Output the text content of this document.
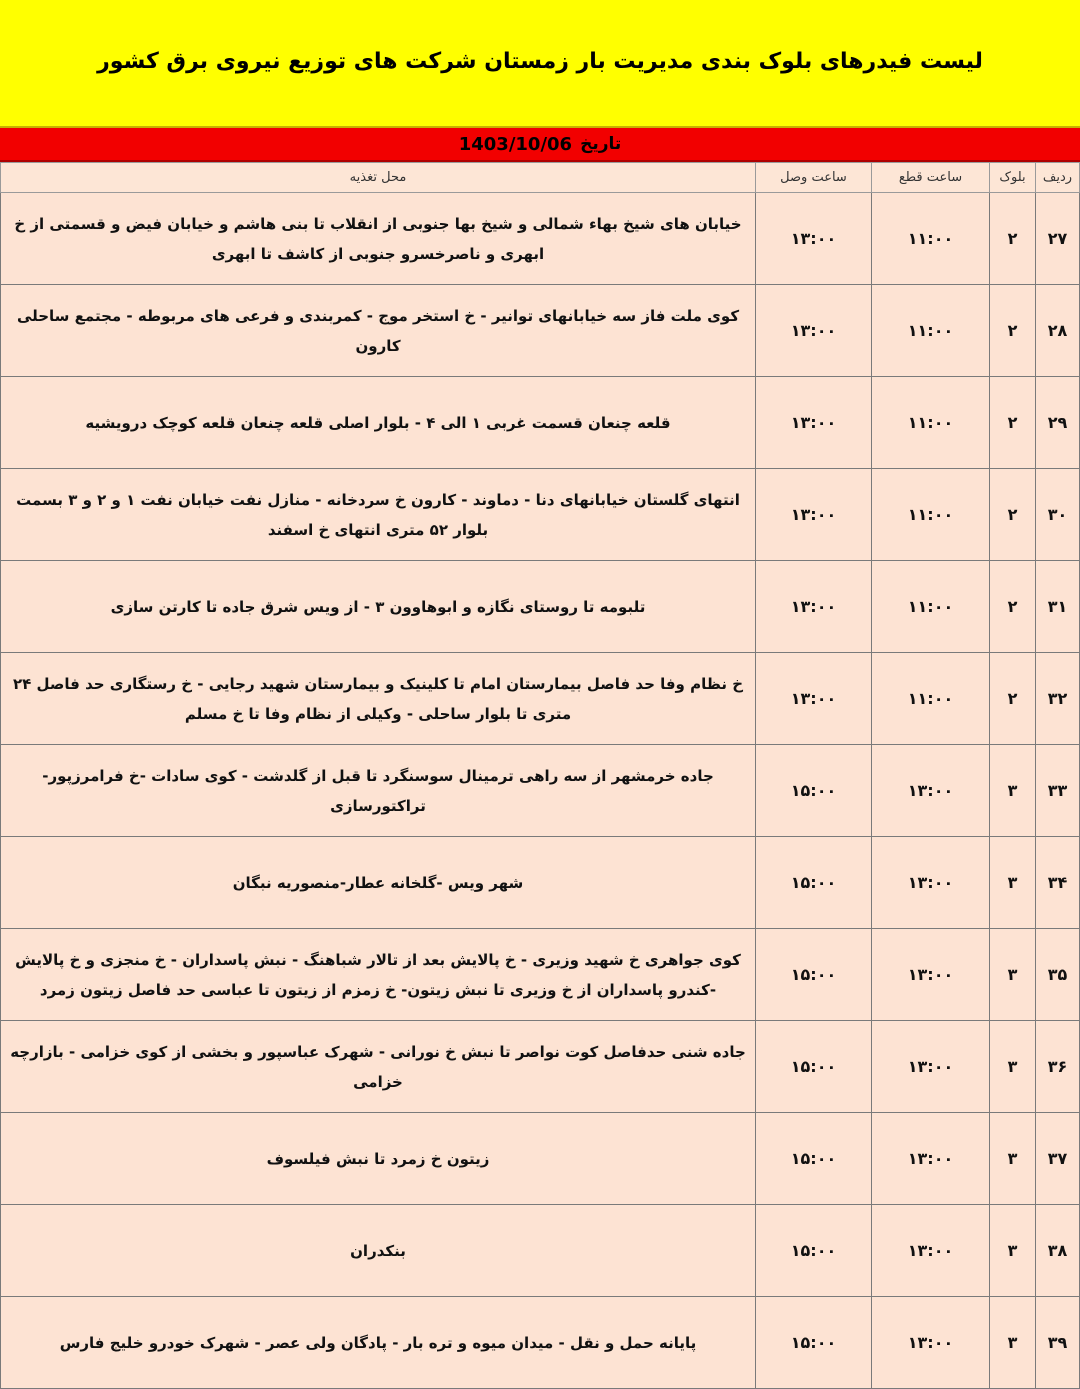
لیست فیدرهای بلوک بندی مدیریت بار زمستان شرکت های توزیع نیروی برق کشور
تاریخ
1403/10/06
ردیف	بلوک	ساعت قطع	ساعت وصل	محل تغذیه
۲۷	۲	۱۱:۰۰	۱۳:۰۰	خیابان های شیخ بهاء شمالی و شیخ بها جنوبی از انقلاب تا بنی هاشم و خیابان فیض و قسمتی از خ ابهری و ناصرخسرو جنوبی از کاشف تا ابهری
۲۸	۲	۱۱:۰۰	۱۳:۰۰	کوی ملت فاز سه خیابانهای توانیر - خ استخر موج - کمربندی و فرعی های مربوطه - مجتمع ساحلی کارون
۲۹	۲	۱۱:۰۰	۱۳:۰۰	قلعه چنعان قسمت غربی ۱ الی ۴ - بلوار اصلی قلعه چنعان قلعه کوچک درویشیه
۳۰	۲	۱۱:۰۰	۱۳:۰۰	انتهای گلستان خیابانهای دنا - دماوند - کارون خ سردخانه - منازل نفت خیابان نفت ۱ و ۲ و ۳ بسمت بلوار ۵۲ متری انتهای خ اسفند
۳۱	۲	۱۱:۰۰	۱۳:۰۰	تلبومه تا روستای نگازه و ابوهاوون ۳ - از ویس شرق جاده تا کارتن سازی
۳۲	۲	۱۱:۰۰	۱۳:۰۰	خ نظام وفا حد فاصل بیمارستان امام تا کلینیک و بیمارستان شهید رجایی - خ رستگاری حد فاصل ۲۴ متری تا بلوار ساحلی - وکیلی از نظام وفا تا خ مسلم
۳۳	۳	۱۳:۰۰	۱۵:۰۰	جاده خرمشهر از سه راهی ترمینال سوسنگرد تا قبل از گلدشت - کوی سادات -خ فرامرزپور-تراکتورسازی
۳۴	۳	۱۳:۰۰	۱۵:۰۰	شهر ویس -گلخانه عطار-منصوریه نبگان
۳۵	۳	۱۳:۰۰	۱۵:۰۰	کوی جواهری خ شهید وزیری - خ پالایش بعد از تالار شباهنگ - نبش پاسداران - خ منجزی و خ پالایش -کندرو پاسداران از خ وزیری تا نبش زیتون- خ زمزم از زیتون تا عباسی حد فاصل زیتون زمرد
۳۶	۳	۱۳:۰۰	۱۵:۰۰	جاده شنی حدفاصل کوت نواصر تا نبش خ نورانی - شهرک عباسپور و بخشی از کوی خزامی - بازارچه خزامی
۳۷	۳	۱۳:۰۰	۱۵:۰۰	زیتون خ زمرد تا نبش فیلسوف
۳۸	۳	۱۳:۰۰	۱۵:۰۰	بنکدران
۳۹	۳	۱۳:۰۰	۱۵:۰۰	پایانه حمل و نقل - میدان میوه و تره بار - پادگان ولی عصر - شهرک خودرو خلیج فارس
